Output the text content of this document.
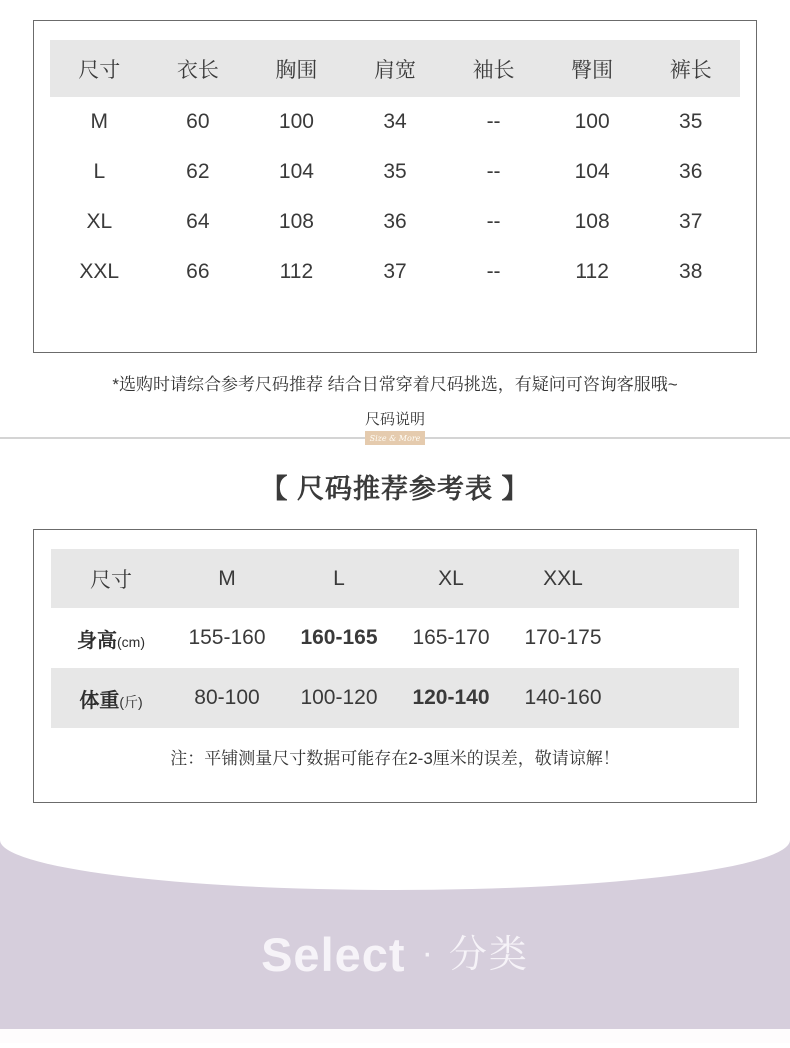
尺寸	衣长	胸围	肩宽	袖长	臀围	裤长
M	60	100	34	--	100	35
L	62	104	35	--	104	36
XL	64	108	36	--	108	37
XXL	66	112	37	--	112	38
*选购时请综合参考尺码推荐 结合日常穿着尺码挑选，有疑问可咨询客服哦~
尺码说明
Size & More
【 尺码推荐参考表 】
尺寸	M	L	XL	XXL
身高(cm)	155-160	160-165	165-170	170-175
体重(斤)	80-100	100-120	120-140	140-160
注：平铺测量尺寸数据可能存在2-3厘米的误差，敬请谅解！
Select · 分类
